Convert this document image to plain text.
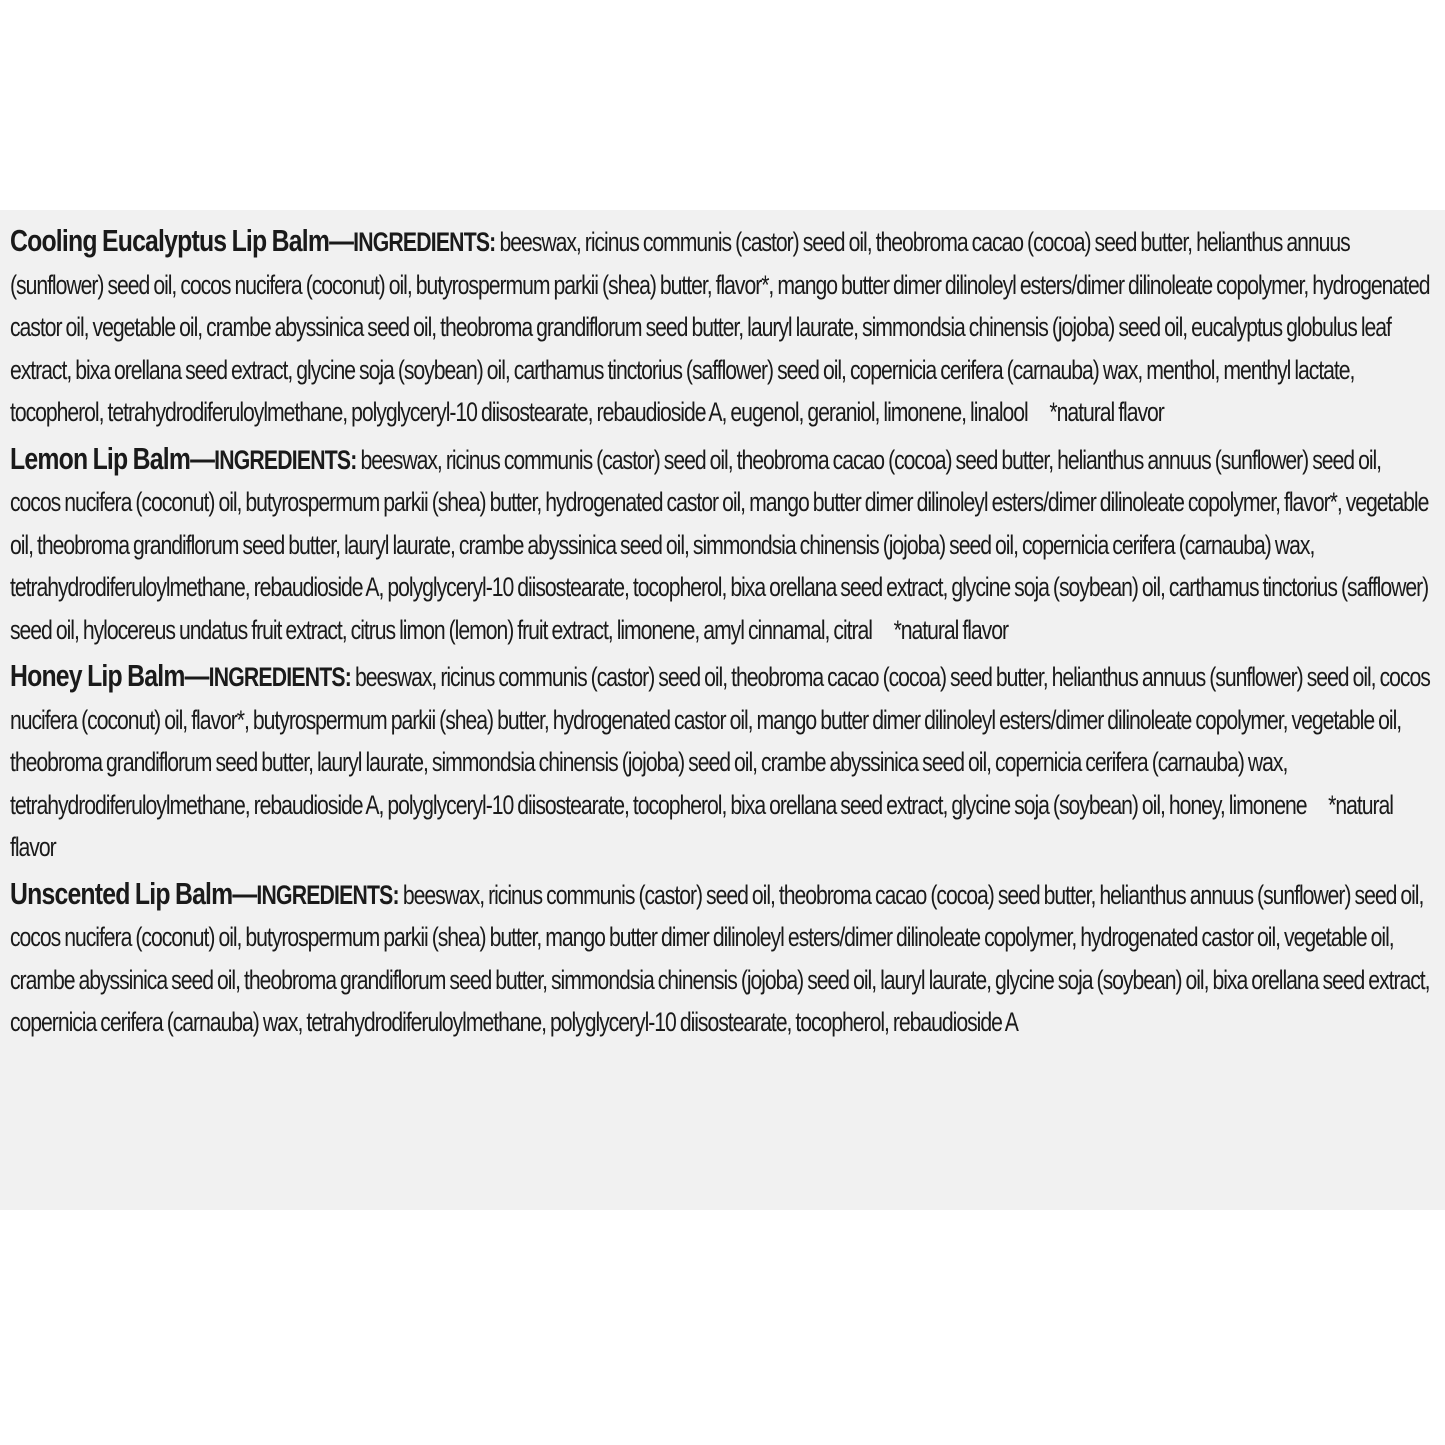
Cooling Eucalyptus Lip Balm—INGREDIENTS: beeswax, ricinus communis (castor) seed oil, theobroma cacao (cocoa) seed butter, helianthus annuus (sunflower) seed oil, cocos nucifera (coconut) oil, butyrospermum parkii (shea) butter, flavor*, mango butter dimer dilinoleyl esters/dimer dilinoleate copolymer, hydrogenated castor oil, vegetable oil, crambe abyssinica seed oil, theobroma grandiflorum seed butter, lauryl laurate, simmondsia chinensis (jojoba) seed oil, eucalyptus globulus leaf extract, bixa orellana seed extract, glycine soja (soybean) oil, carthamus tinctorius (safflower) seed oil, copernicia cerifera (carnauba) wax, menthol, menthyl lactate, tocopherol, tetrahydrodiferuloylmethane, polyglyceryl-10 diisostearate, rebaudioside A, eugenol, geraniol, limonene, linalool *natural flavor

Lemon Lip Balm—INGREDIENTS: beeswax, ricinus communis (castor) seed oil, theobroma cacao (cocoa) seed butter, helianthus annuus (sunflower) seed oil, cocos nucifera (coconut) oil, butyrospermum parkii (shea) butter, hydrogenated castor oil, mango butter dimer dilinoleyl esters/dimer dilinoleate copolymer, flavor*, vegetable oil, theobroma grandiflorum seed butter, lauryl laurate, crambe abyssinica seed oil, simmondsia chinensis (jojoba) seed oil, copernicia cerifera (carnauba) wax, tetrahydrodiferuloylmethane, rebaudioside A, polyglyceryl-10 diisostearate, tocopherol, bixa orellana seed extract, glycine soja (soybean) oil, carthamus tinctorius (safflower) seed oil, hylocereus undatus fruit extract, citrus limon (lemon) fruit extract, limonene, amyl cinnamal, citral *natural flavor

Honey Lip Balm—INGREDIENTS: beeswax, ricinus communis (castor) seed oil, theobroma cacao (cocoa) seed butter, helianthus annuus (sunflower) seed oil, cocos nucifera (coconut) oil, flavor*, butyrospermum parkii (shea) butter, hydrogenated castor oil, mango butter dimer dilinoleyl esters/dimer dilinoleate copolymer, vegetable oil, theobroma grandiflorum seed butter, lauryl laurate, simmondsia chinensis (jojoba) seed oil, crambe abyssinica seed oil, copernicia cerifera (carnauba) wax, tetrahydrodiferuloylmethane, rebaudioside A, polyglyceryl-10 diisostearate, tocopherol, bixa orellana seed extract, glycine soja (soybean) oil, honey, limonene *natural flavor

Unscented Lip Balm—INGREDIENTS: beeswax, ricinus communis (castor) seed oil, theobroma cacao (cocoa) seed butter, helianthus annuus (sunflower) seed oil, cocos nucifera (coconut) oil, butyrospermum parkii (shea) butter, mango butter dimer dilinoleyl esters/dimer dilinoleate copolymer, hydrogenated castor oil, vegetable oil, crambe abyssinica seed oil, theobroma grandiflorum seed butter, simmondsia chinensis (jojoba) seed oil, lauryl laurate, glycine soja (soybean) oil, bixa orellana seed extract, copernicia cerifera (carnauba) wax, tetrahydrodiferuloylmethane, polyglyceryl-10 diisostearate, tocopherol, rebaudioside A
